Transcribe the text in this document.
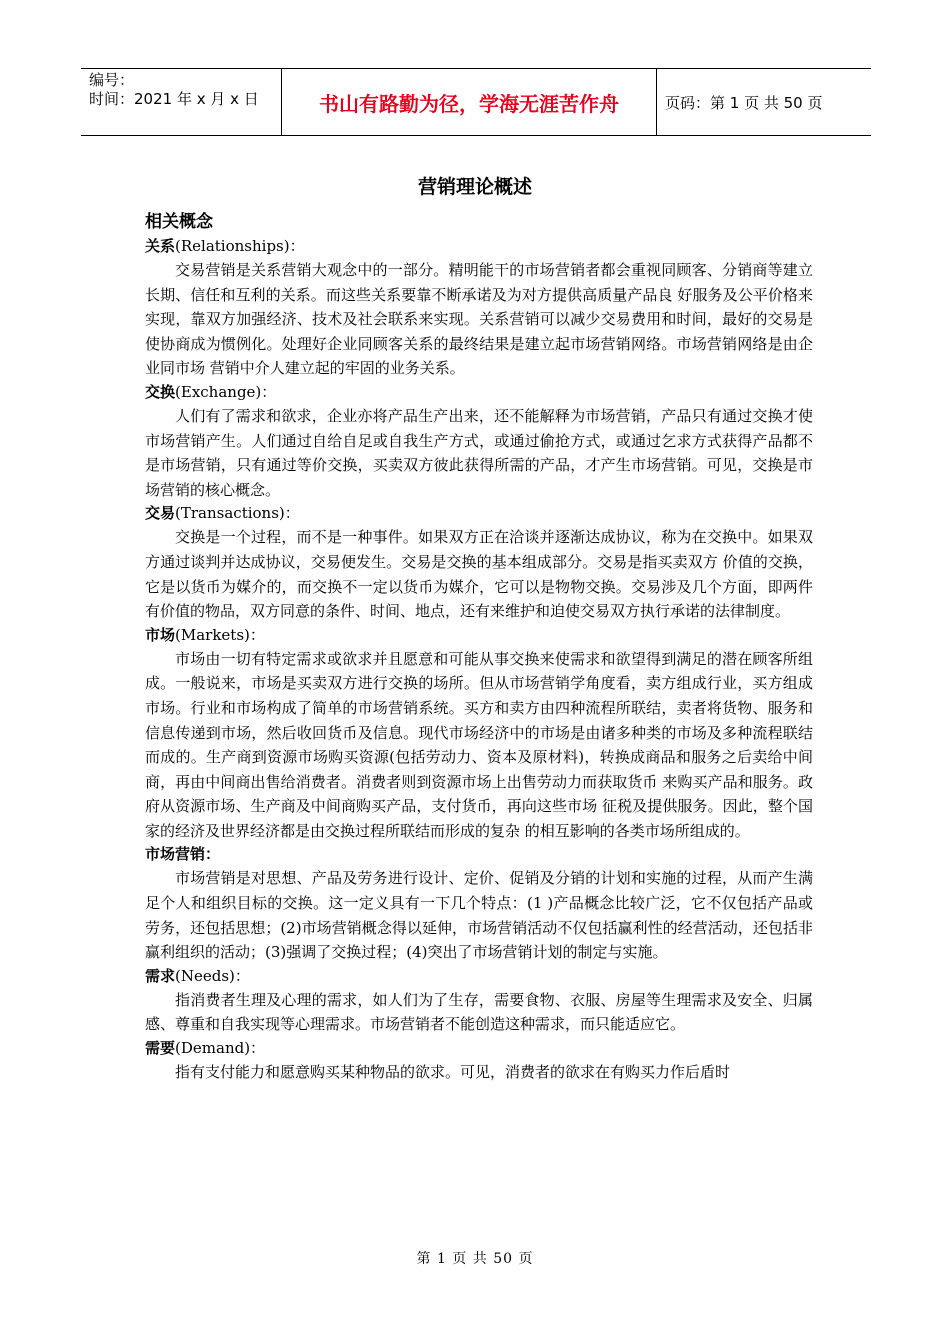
编号：
时间：2021 年 x 月 x 日	书山有路勤为径，学海无涯苦作舟	页码：第 1 页 共 50 页
营销理论概述
相关概念
关系(Relationships)：

交易营销是关系营销大观念中的一部分。精明能干的市场营销者都会重视同顾客、分销商等建立长期、信任和互利的关系。而这些关系要靠不断承诺及为对方提供高质量产品良 好服务及公平价格来实现，靠双方加强经济、技术及社会联系来实现。关系营销可以减少交易费用和时间，最好的交易是使协商成为惯例化。处理好企业同顾客关系的最终结果是建立起市场营销网络。市场营销网络是由企业同市场 营销中介人建立起的牢固的业务关系。

交换(Exchange)：

人们有了需求和欲求，企业亦将产品生产出来，还不能解释为市场营销，产品只有通过交换才使市场营销产生。人们通过自给自足或自我生产方式，或通过偷抢方式，或通过乞求方式获得产品都不是市场营销，只有通过等价交换，买卖双方彼此获得所需的产品，才产生市场营销。可见，交换是市场营销的核心概念。

交易(Transactions)：

交换是一个过程，而不是一种事件。如果双方正在洽谈并逐渐达成协议，称为在交换中。如果双方通过谈判并达成协议，交易便发生。交易是交换的基本组成部分。交易是指买卖双方 价值的交换，它是以货币为媒介的，而交换不一定以货币为媒介，它可以是物物交换。交易涉及几个方面，即两件有价值的物品，双方同意的条件、时间、地点，还有来维护和迫使交易双方执行承诺的法律制度。

市场(Markets)：

市场由一切有特定需求或欲求并且愿意和可能从事交换来使需求和欲望得到满足的潜在顾客所组成。一般说来，市场是买卖双方进行交换的场所。但从市场营销学角度看，卖方组成行业，买方组成市场。行业和市场构成了简单的市场营销系统。买方和卖方由四种流程所联结，卖者将货物、服务和信息传递到市场，然后收回货币及信息。现代市场经济中的市场是由诸多种类的市场及多种流程联结而成的。生产商到资源市场购买资源(包括劳动力、资本及原材料)，转换成商品和服务之后卖给中间商，再由中间商出售给消费者。消费者则到资源市场上出售劳动力而获取货币 来购买产品和服务。政府从资源市场、生产商及中间商购买产品，支付货币，再向这些市场 征税及提供服务。因此，整个国家的经济及世界经济都是由交换过程所联结而形成的复杂 的相互影响的各类市场所组成的。

市场营销：

市场营销是对思想、产品及劳务进行设计、定价、促销及分销的计划和实施的过程，从而产生满足个人和组织目标的交换。这一定义具有一下几个特点：(1 )产品概念比较广泛，它不仅包括产品或劳务，还包括思想；(2)市场营销概念得以延伸，市场营销活动不仅包括赢利性的经营活动，还包括非赢利组织的活动；(3)强调了交换过程；(4)突出了市场营销计划的制定与实施。

需求(Needs)：

指消费者生理及心理的需求，如人们为了生存，需要食物、衣服、房屋等生理需求及安全、归属感、尊重和自我实现等心理需求。市场营销者不能创造这种需求，而只能适应它。

需要(Demand)：

指有支付能力和愿意购买某种物品的欲求。可见，消费者的欲求在有购买力作后盾时

第 1 页 共 50 页
